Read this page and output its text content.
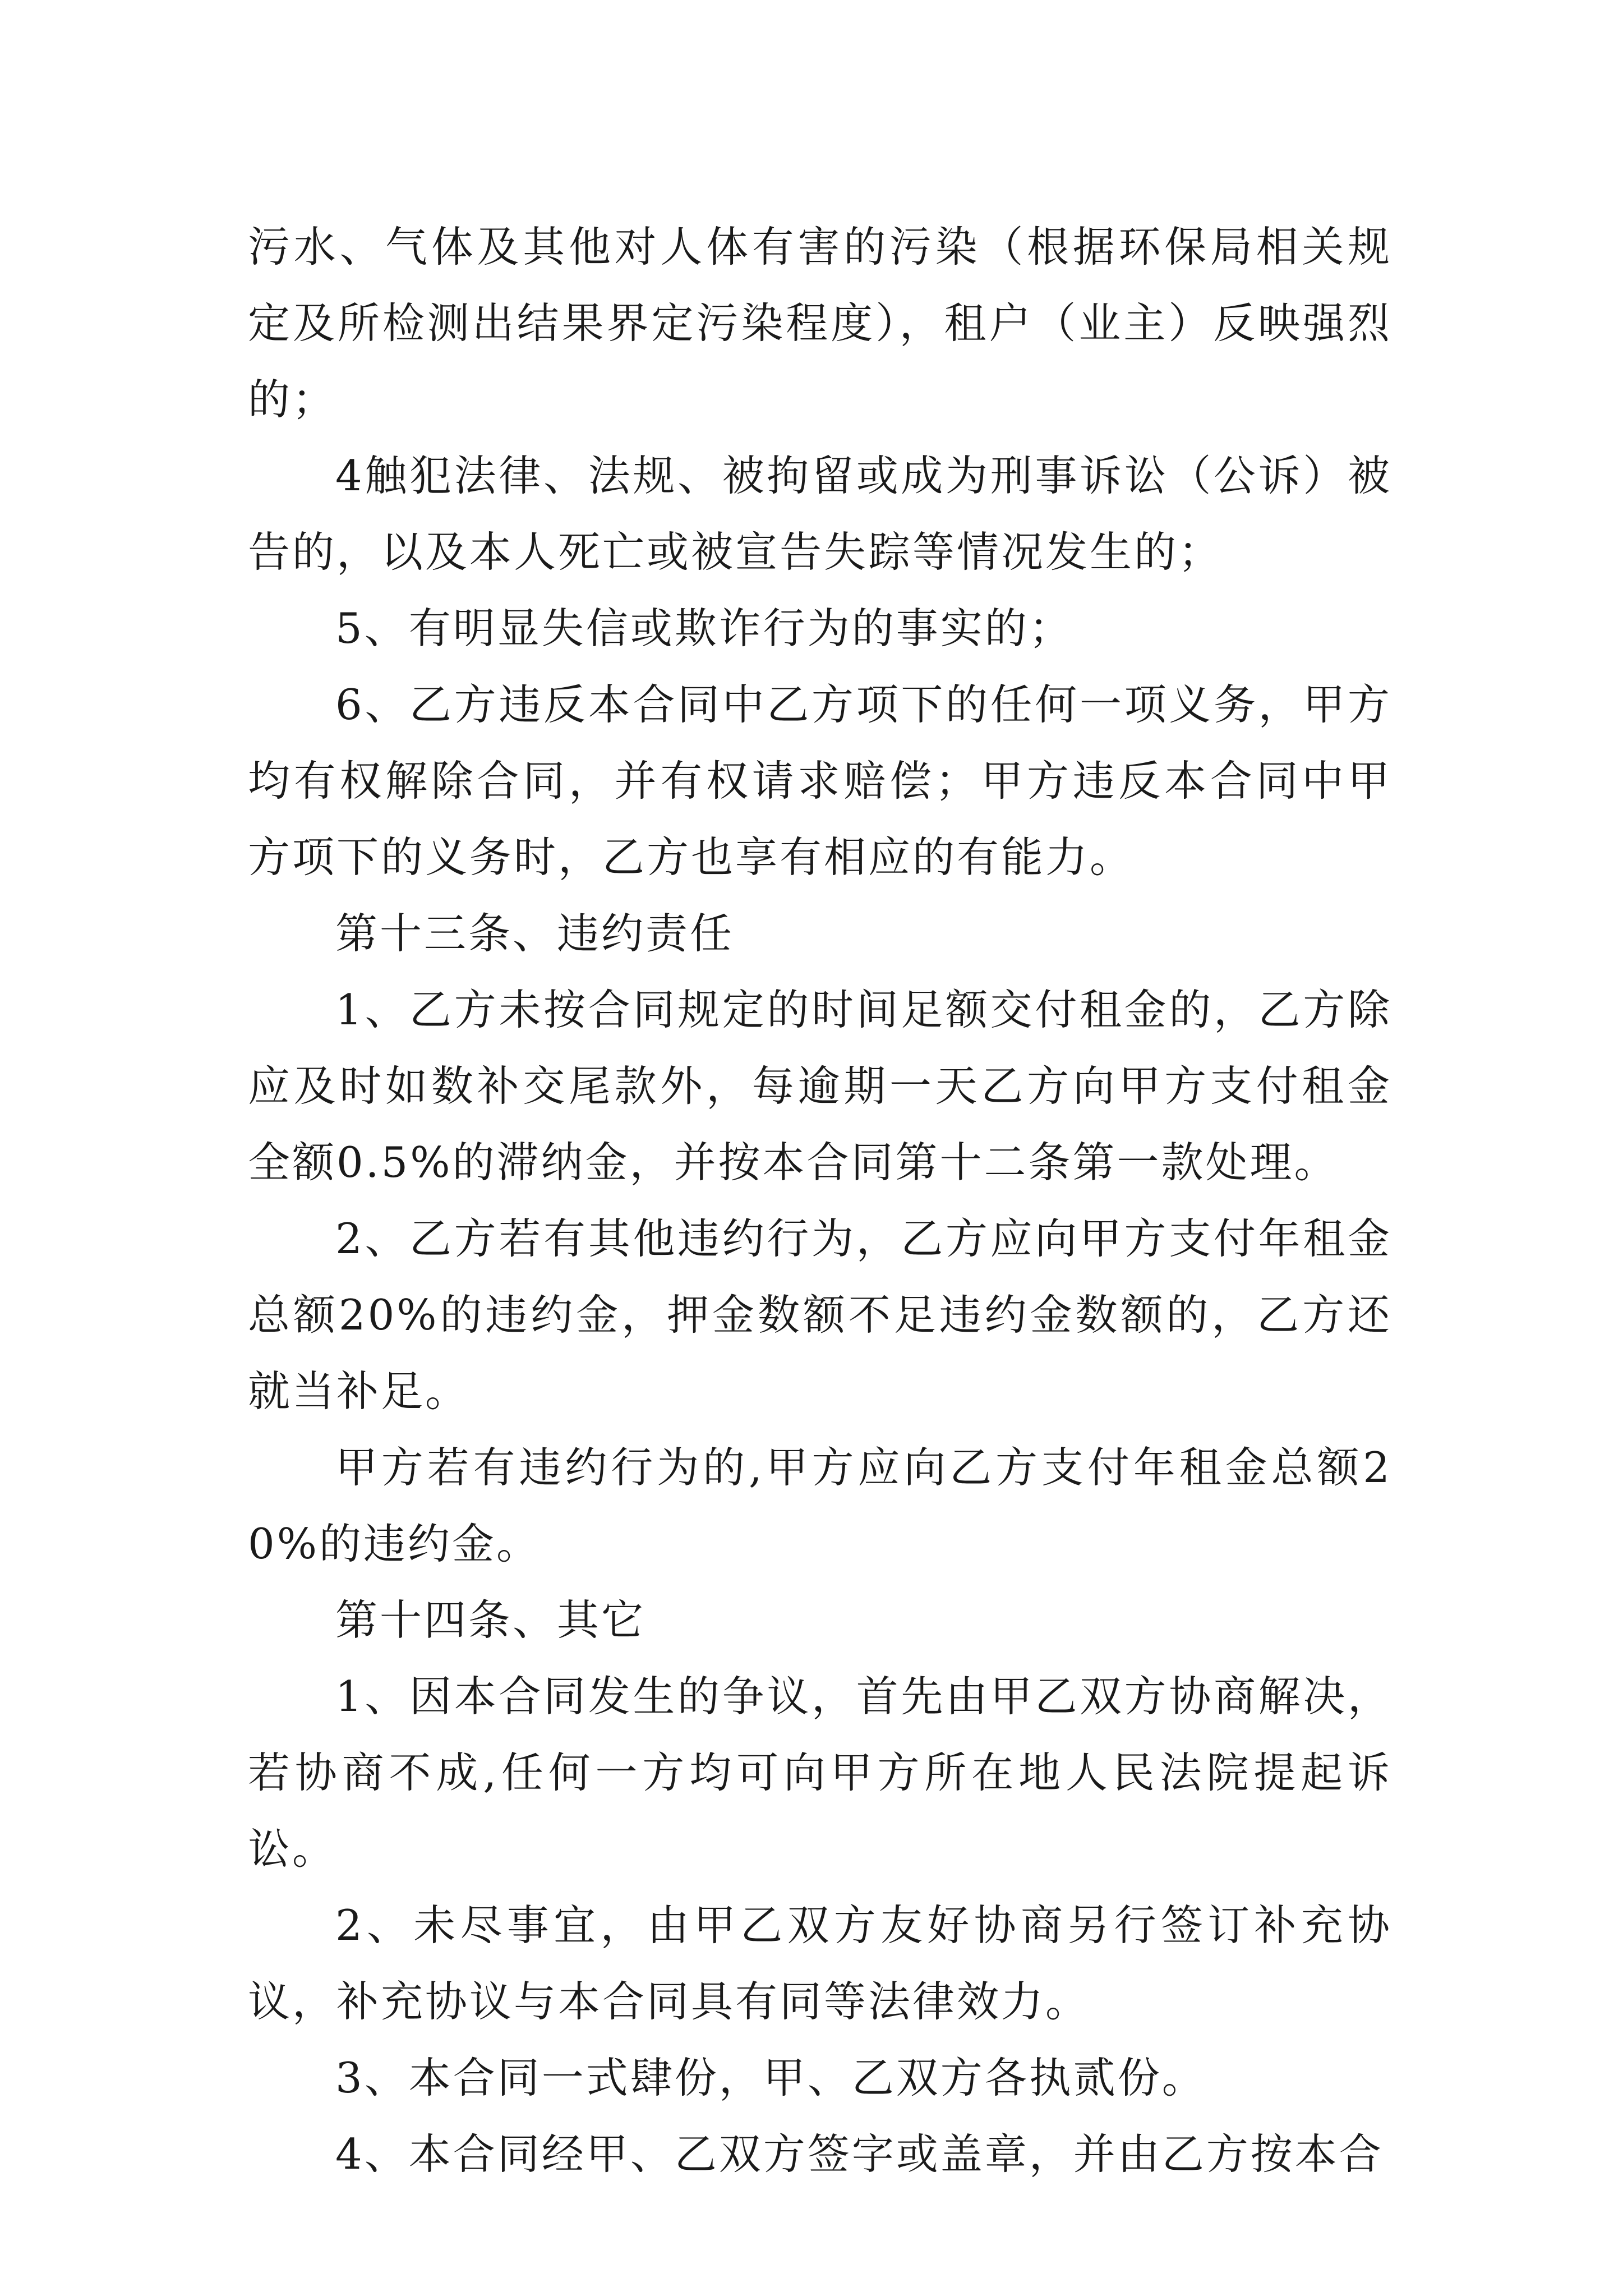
污水、气体及其他对人体有害的污染（根据环保局相关规定及所检测出结果界定污染程度），租户（业主）反映强烈的；

4触犯法律、法规、被拘留或成为刑事诉讼（公诉）被告的，以及本人死亡或被宣告失踪等情况发生的；

5、有明显失信或欺诈行为的事实的；

6、乙方违反本合同中乙方项下的任何一项义务，甲方均有权解除合同，并有权请求赔偿；甲方违反本合同中甲方项下的义务时，乙方也享有相应的有能力。

第十三条、违约责任

1、乙方未按合同规定的时间足额交付租金的，乙方除应及时如数补交尾款外，每逾期一天乙方向甲方支付租金全额0.5%的滞纳金，并按本合同第十二条第一款处理。

2、乙方若有其他违约行为，乙方应向甲方支付年租金总额20%的违约金，押金数额不足违约金数额的，乙方还就当补足。

甲方若有违约行为的,甲方应向乙方支付年租金总额20%的违约金。

第十四条、其它

1、因本合同发生的争议，首先由甲乙双方协商解决，若协商不成,任何一方均可向甲方所在地人民法院提起诉讼。

2、未尽事宜，由甲乙双方友好协商另行签订补充协议，补充协议与本合同具有同等法律效力。

3、本合同一式肆份，甲、乙双方各执贰份。

4、本合同经甲、乙双方签字或盖章，并由乙方按本合
